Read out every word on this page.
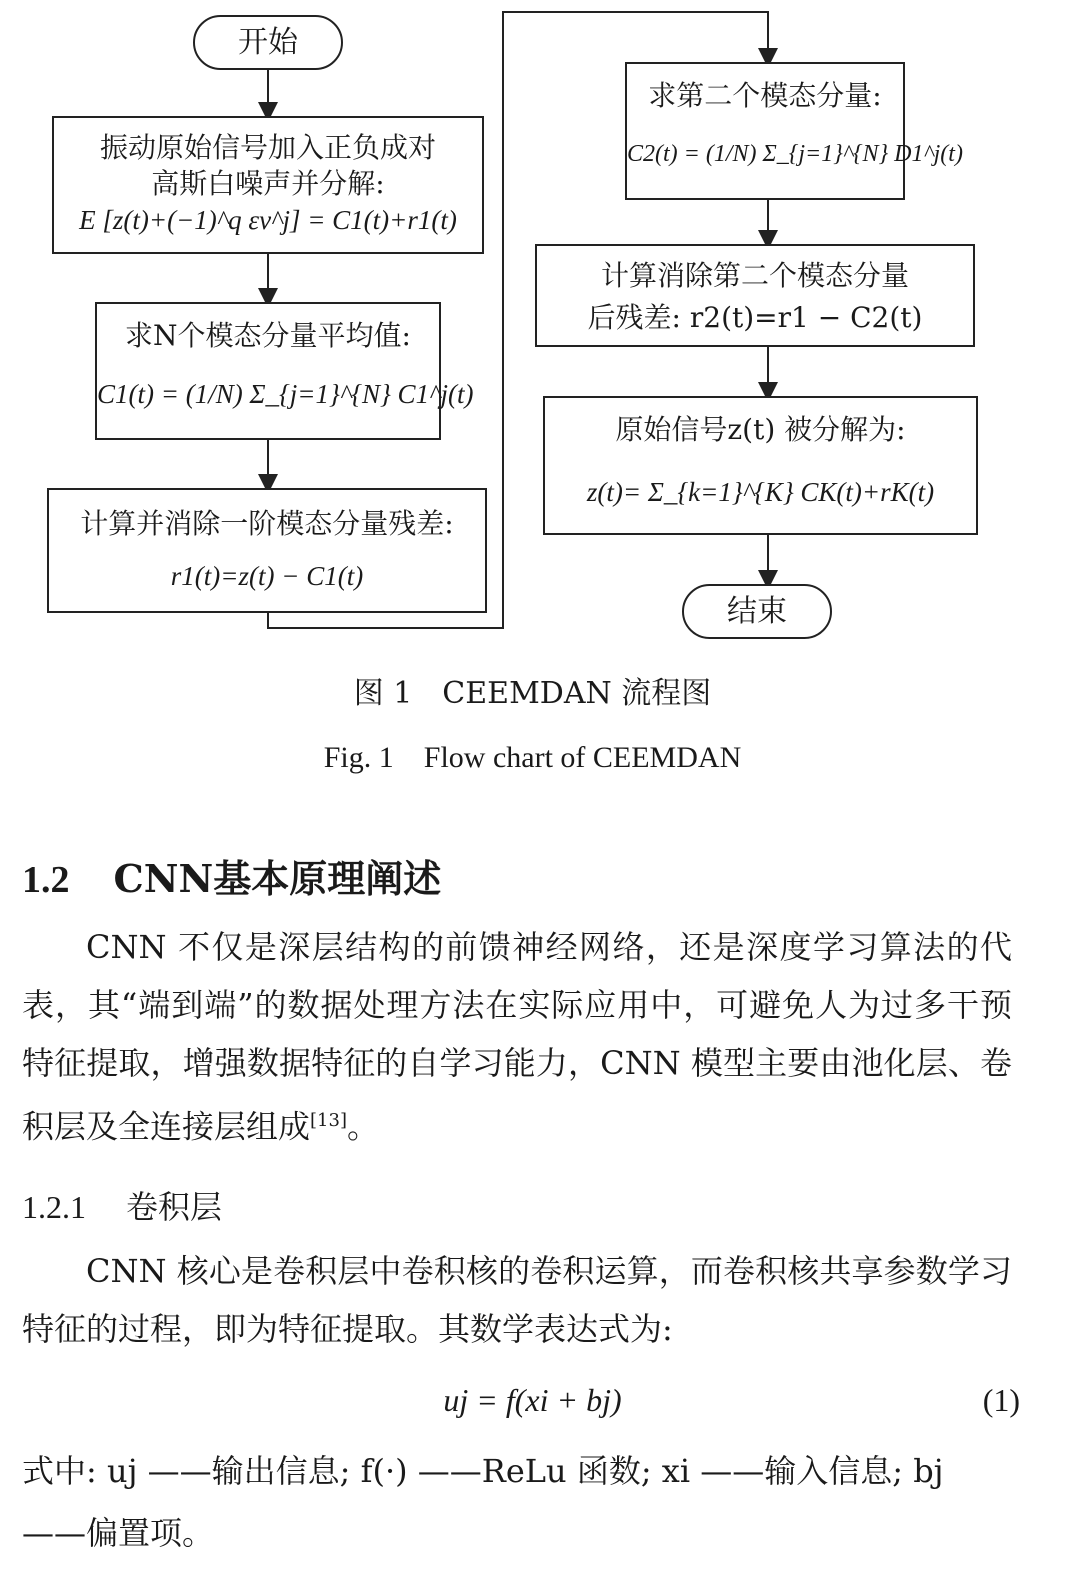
开始
振动原始信号加入正负成对
高斯白噪声并分解:
E [z(t)+(−1)^q εv^j] = C1(t)+r1(t)
求N个模态分量平均值:
C1(t) = (1/N) Σ_{j=1}^{N} C1^j(t)
计算并消除一阶模态分量残差:
r1(t)=z(t) − C1(t)
求第二个模态分量:
C2(t) = (1/N) Σ_{j=1}^{N} D1^j(t)
计算消除第二个模态分量
后残差: r2(t)=r1 − C2(t)
原始信号z(t) 被分解为:
z(t)= Σ_{k=1}^{K} CK(t)+rK(t)
结束
图 1　CEEMDAN 流程图
Fig. 1　Flow chart of CEEMDAN
1.2 CNN基本原理阐述
CNN 不仅是深层结构的前馈神经网络，还是深度学习算法的代表，其“端到端”的数据处理方法在实际应用中，可避免人为过多干预特征提取，增强数据特征的自学习能力，CNN 模型主要由池化层、卷积层及全连接层组成[13]。
1.2.1 卷积层
CNN 核心是卷积层中卷积核的卷积运算，而卷积核共享参数学习特征的过程，即为特征提取。其数学表达式为:
uj = f(xi + bj)	(1)
式中: uj ——输出信息; f(·) ——ReLu 函数; xi ——输入信息; bj ——偏置项。
